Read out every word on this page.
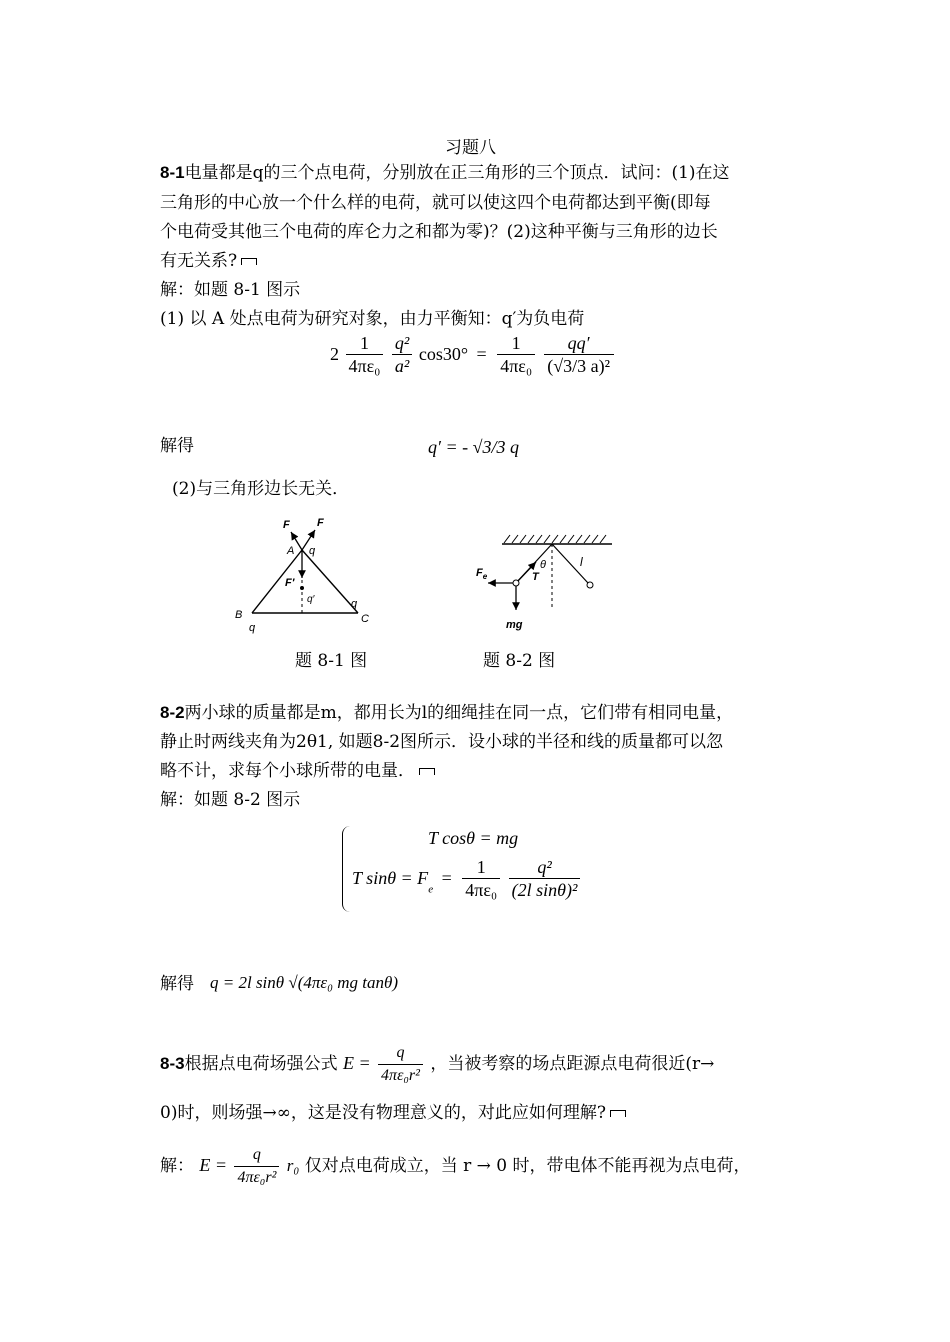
习题八
8-1电量都是q的三个点电荷，分别放在正三角形的三个顶点．试问：(1)在这
三角形的中心放一个什么样的电荷，就可以使这四个电荷都达到平衡(即每
个电荷受其他三个电荷的库仑力之和都为零)？(2)这种平衡与三角形的边长
有无关系?
解：如题 8-1 图示
(1) 以 A 处点电荷为研究对象，由力平衡知：q′为负电荷
$2 \frac{1}{\text{4πε₀}}$
$\frac{\text{q²}}{\text{a²}} \cos 30^\circ = \frac{1}{\text{4πε₀}}$
$\frac{qq'}{\text{(√3/3 a)²}}$
解得	q′ = - √3/3 q
(2)与三角形边长无关．
F F
A q
F′
q′
B
q
q
C
题 8-1 图
$F_e$	T
θ	l
mg
题 8-2 图
8-2两小球的质量都是m，都用长为l的细绳挂在同一点，它们带有相同电量，
静止时两线夹角为2θ1, 如题8-2图所示．设小球的半径和线的质量都可以忽
略不计，求每个小球所带的电量．
解：如题 8-2 图示
T cosθ = mg
T $\sin\theta = F_e = \frac{1}{\text{4πε₀}}$
$\frac{\text{q²}}{\text{(2l sinθ)²}}$
解得 q = 2l sinθ √(4πε₀ mg tanθ)
8-3根据点电荷场强公式 $E = \frac{q}{\text{4πε₀r²}}$ ，当被考察的场点距源点电荷很近(r→
0)时，则场强→∞，这是没有物理意义的，对此应如何理解?
解： $E = \frac{q}{\text{4πε₀r²}} r_0$ 仅对点电荷成立，当 r → 0 时，带电体不能再视为点电荷，
